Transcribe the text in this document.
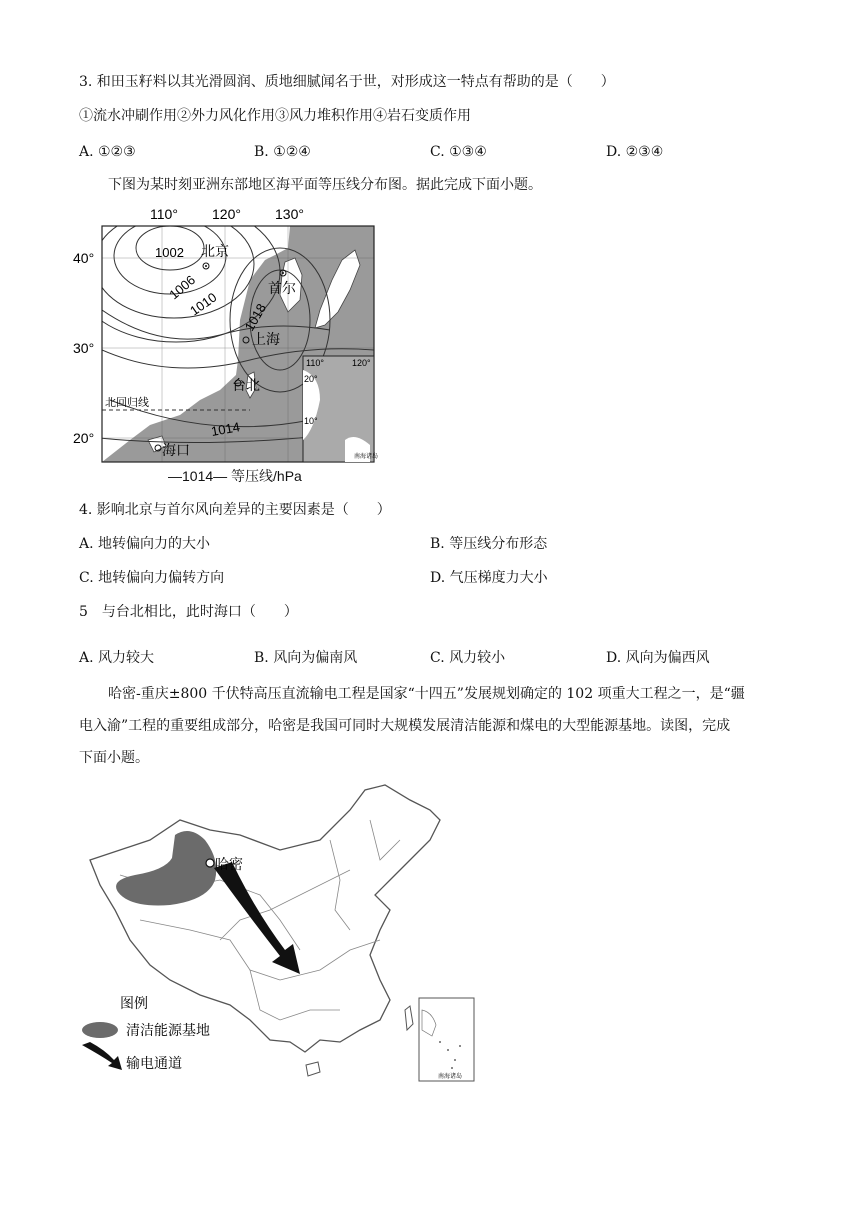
3. 和田玉籽料以其光滑圆润、质地细腻闻名于世，对形成这一特点有帮助的是（　　）
①流水冲刷作用②外力风化作用③风力堆积作用④岩石变质作用
A. ①②③	B. ①②④	C. ①③④	D. ②③④
下图为某时刻亚洲东部地区海平面等压线分布图。据此完成下面小题。
110° 120° 130°
40°
30°
20°
1002
1006
1010 1018
1014
北京
首尔
上海
台北
海口
北回归线
110°	120°
20°
10°
南海诸岛
—1014— 等压线/hPa
4. 影响北京与首尔风向差异的主要因素是（　　）
A. 地转偏向力的大小	B. 等压线分布形态
C. 地转偏向力偏转方向	D. 气压梯度力大小
5　与台北相比，此时海口（　　）
A. 风力较大	B. 风向为偏南风	C. 风力较小	D. 风向为偏西风
哈密-重庆±800 千伏特高压直流输电工程是国家“十四五”发展规划确定的 102 项重大工程之一，是“疆
电入渝”工程的重要组成部分，哈密是我国可同时大规模发展清洁能源和煤电的大型能源基地。读图，完成
下面小题。
哈密
南海诸岛
图例
清洁能源基地
输电通道
